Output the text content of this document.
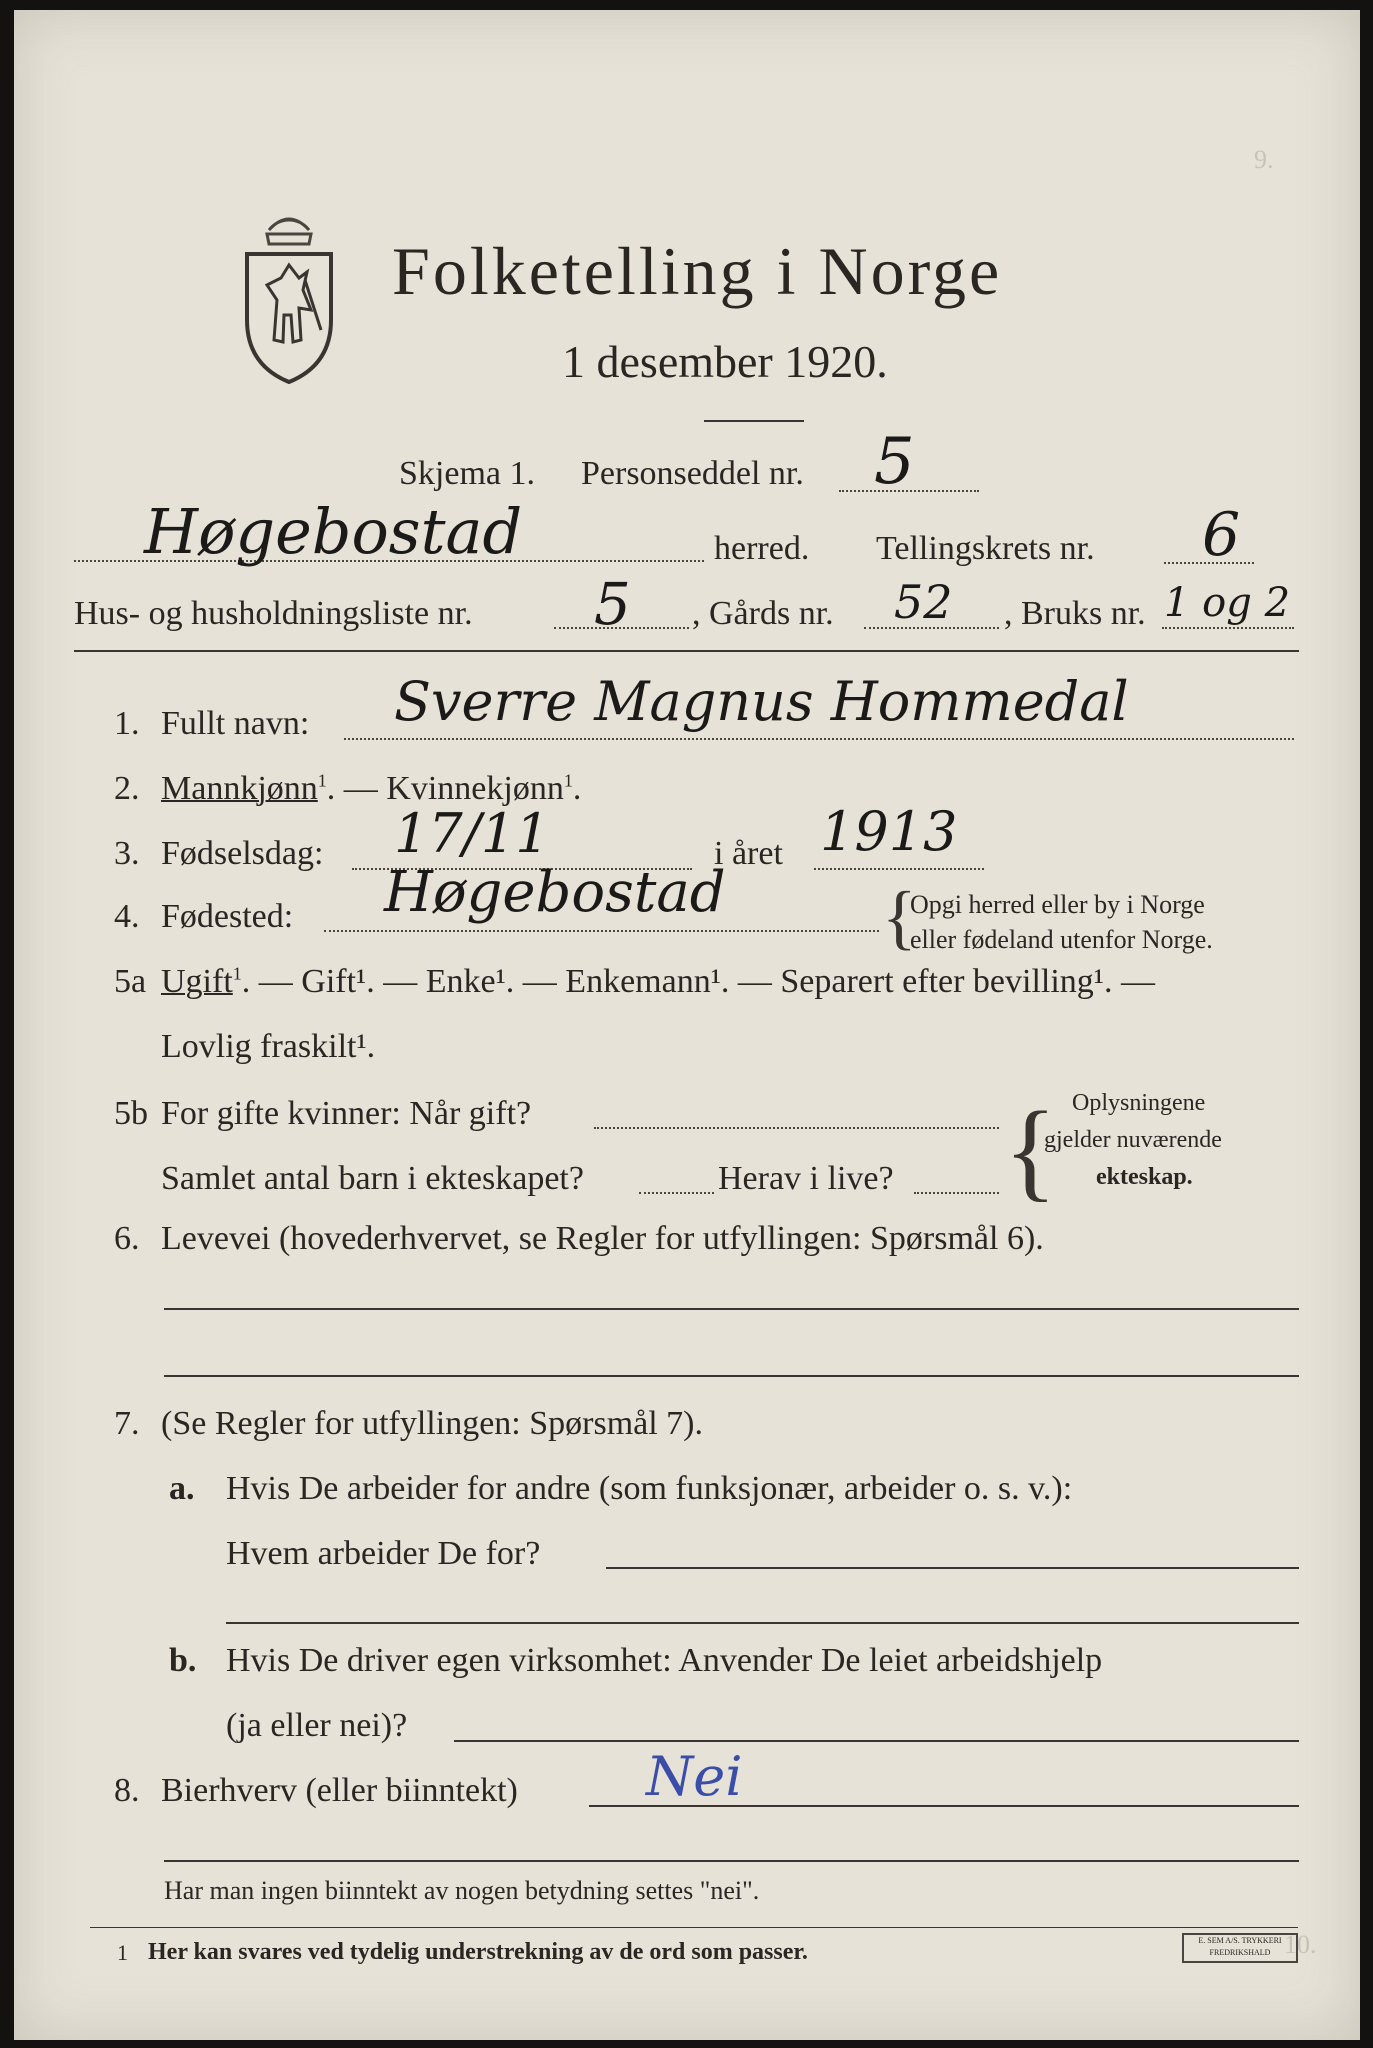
9.
10.
Folketelling i Norge
1 desember 1920.
Skjema 1. Personseddel nr. 5
Høgebostad	herred. Tellingskrets nr. 6
Hus- og husholdningsliste nr. 5 , Gårds nr. 52 , Bruks nr. 1 og 2
1. Fullt navn: Sverre Magnus Hommedal
2. Mannkjønn$^1$. — Kvinnekjønn$^1$.
3. Fødselsdag: 17/11	i året 1913
4. Fødested: Høgebostad {
Opgi herred eller by i Norge
eller fødeland utenfor Norge.
5a Ugift$^1$. — Gift¹. — Enke¹. — Enkemann¹. — Separert efter bevilling¹. —
Lovlig fraskilt¹.
5b For gifte kvinner: Når gift?
Samlet antal barn i ekteskapet?	Herav i live? { Oplysningene
gjelder nuværende
ekteskap.
6. Levevei (hovederhvervet, se Regler for utfyllingen: Spørsmål 6).
7. (Se Regler for utfyllingen: Spørsmål 7).
a. Hvis De arbeider for andre (som funksjonær, arbeider o. s. v.):
Hvem arbeider De for?
b. Hvis De driver egen virksomhet: Anvender De leiet arbeidshjelp
(ja eller nei)?
8. Bierhverv (eller biinntekt) Nei
Har man ingen biinntekt av nogen betydning settes "nei".
1 Her kan svares ved tydelig understrekning av de ord som passer.	E. SEM A/S. TRYKKERI FREDRIKSHALD
